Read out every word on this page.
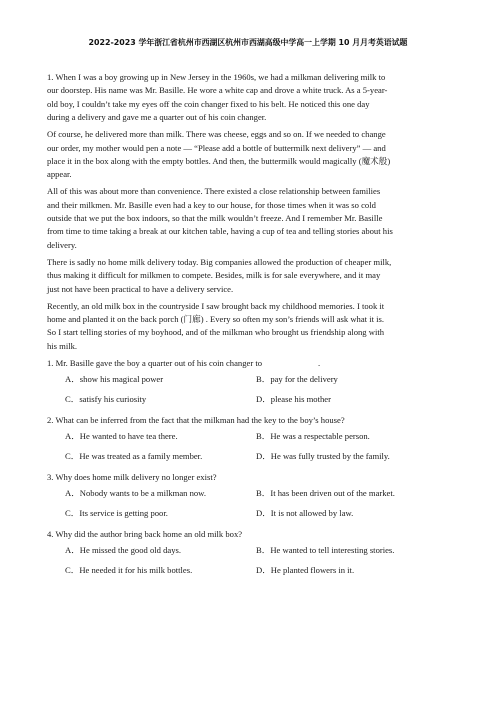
2022-2023 学年浙江省杭州市西湖区杭州市西湖高级中学高一上学期 10 月月考英语试题
1. When I was a boy growing up in New Jersey in the 1960s, we had a milkman delivering milk to
our doorstep. His name was Mr. Basille. He wore a white cap and drove a white truck. As a 5-year-
old boy, I couldn’t take my eyes off the coin changer fixed to his belt. He noticed this one day
during a delivery and gave me a quarter out of his coin changer.
Of course, he delivered more than milk. There was cheese, eggs and so on. If we needed to change
our order, my mother would pen a note — “Please add a bottle of buttermilk next delivery” — and
place it in the box along with the empty bottles. And then, the buttermilk would magically (魔术般)
appear.
All of this was about more than convenience. There existed a close relationship between families
and their milkmen. Mr. Basille even had a key to our house, for those times when it was so cold
outside that we put the box indoors, so that the milk wouldn’t freeze. And I remember Mr. Basille
from time to time taking a break at our kitchen table, having a cup of tea and telling stories about his
delivery.
There is sadly no home milk delivery today. Big companies allowed the production of cheaper milk,
thus making it difficult for milkmen to compete. Besides, milk is for sale everywhere, and it may
just not have been practical to have a delivery service.
Recently, an old milk box in the countryside I saw brought back my childhood memories. I took it
home and planted it on the back porch (门廊) . Every so often my son’s friends will ask what it is.
So I start telling stories of my boyhood, and of the milkman who brought us friendship along with
his milk.
1. Mr. Basille gave the boy a quarter out of his coin changer to	.
A．show his magical power	B．pay for the delivery
C．satisfy his curiosity	D．please his mother
2. What can be inferred from the fact that the milkman had the key to the boy’s house?
A．He wanted to have tea there.	B．He was a respectable person.
C．He was treated as a family member.	D．He was fully trusted by the family.
3. Why does home milk delivery no longer exist?
A．Nobody wants to be a milkman now.	B．It has been driven out of the market.
C．Its service is getting poor.	D．It is not allowed by law.
4. Why did the author bring back home an old milk box?
A．He missed the good old days.	B．He wanted to tell interesting stories.
C．He needed it for his milk bottles.	D．He planted flowers in it.
